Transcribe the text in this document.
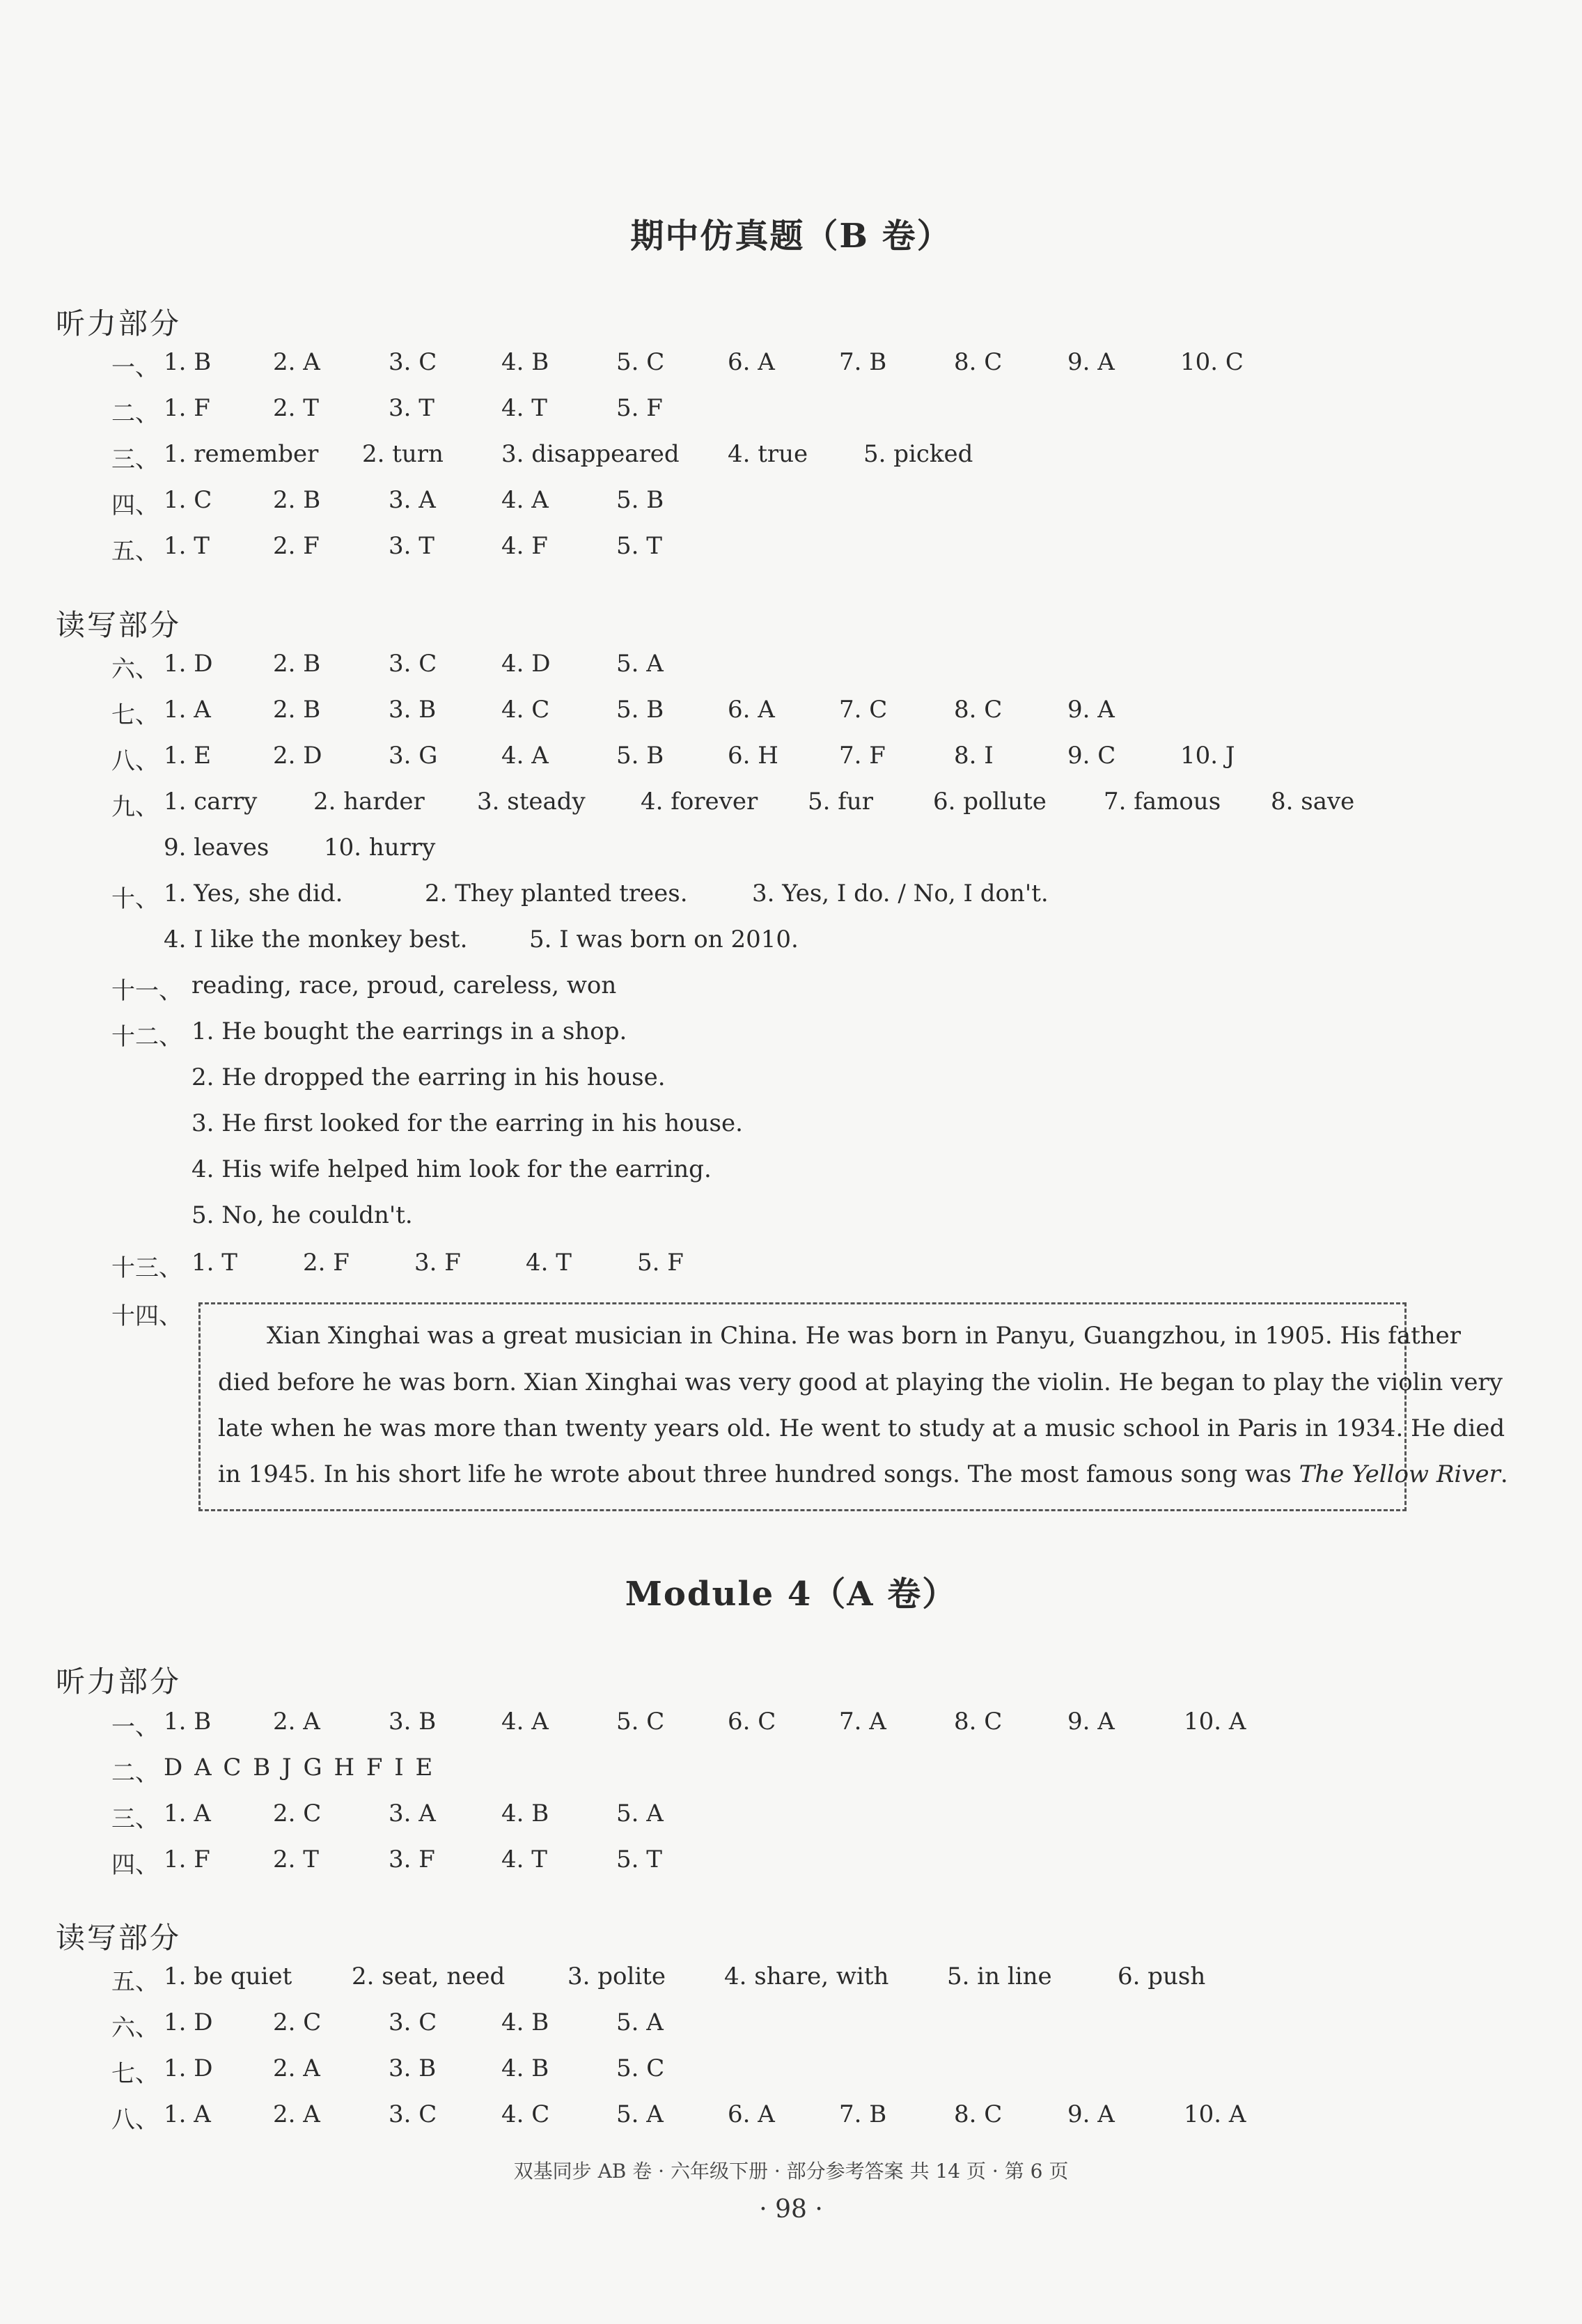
期中仿真题（B 卷）
听力部分
一、 1. B	2. A	3. C	4. B	5. C	6. A	7. B	8. C	9. A	10. C
二、 1. F	2. T	3. T	4. T	5. F
三、 1. remember 2. turn 3. disappeared 4. true 5. picked
四、 1. C	2. B	3. A	4. A	5. B
五、 1. T	2. F	3. T	4. F	5. T
读写部分
六、 1. D	2. B	3. C	4. D	5. A
七、 1. A	2. B	3. B	4. C	5. B	6. A	7. C	8. C	9. A
八、 1. E	2. D	3. G	4. A	5. B	6. H	7. F	8. I	9. C	10. J
九、 1. carry 2. harder 3. steady 4. forever 5. fur	6. pollute 7. famous 8. save
9. leaves 10. hurry
十、 1. Yes, she did.	2. They planted trees.	3. Yes, I do. / No, I don't.
4. I like the monkey best.	5. I was born on 2010.
十一、 reading, race, proud, careless, won
十二、 1. He bought the earrings in a shop.
2. He dropped the earring in his house.
3. He first looked for the earring in his house.
4. His wife helped him look for the earring.
5. No, he couldn't.
十三、 1. T	2. F	3. F	4. T	5. F
十四、
Xian Xinghai was a great musician in China. He was born in Panyu, Guangzhou, in 1905. His father
died before he was born. Xian Xinghai was very good at playing the violin. He began to play the violin very
late when he was more than twenty years old. He went to study at a music school in Paris in 1934. He died
in 1945. In his short life he wrote about three hundred songs. The most famous song was The Yellow River.
Module 4（A 卷）
听力部分
一、 1. B	2. A	3. B	4. A	5. C	6. C	7. A	8. C	9. A	10. A
二、 D A C B J G H F I E
三、 1. A	2. C	3. A	4. B	5. A
四、 1. F	2. T	3. F	4. T	5. T
读写部分
五、 1. be quiet	2. seat, need	3. polite 4. share, with 5. in line	6. push
六、 1. D	2. C	3. C	4. B	5. A
七、 1. D	2. A	3. B	4. B	5. C
八、 1. A	2. A	3. C	4. C	5. A	6. A	7. B	8. C	9. A	10. A
双基同步 AB 卷 · 六年级下册 · 部分参考答案 共 14 页 · 第 6 页
· 98 ·
